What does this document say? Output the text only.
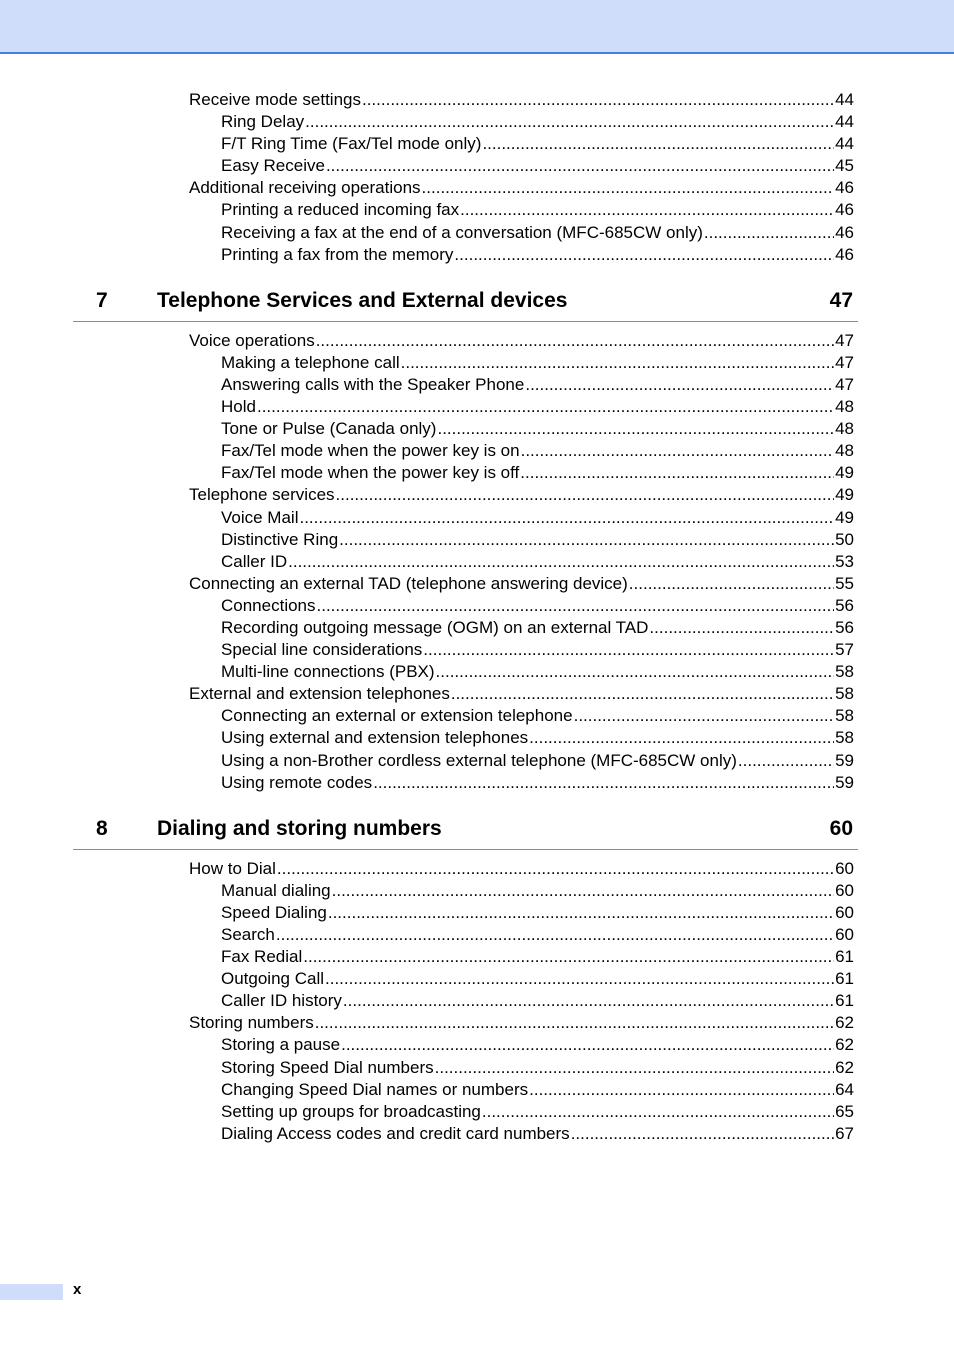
Receive mode settings .....	44
Ring Delay .....	44
F/T Ring Time (Fax/Tel mode only) .....	44
Easy Receive .....	45
Additional receiving operations .....	46
Printing a reduced incoming fax .....	46
Receiving a fax at the end of a conversation (MFC-685CW only) .....	46
Printing a fax from the memory .....	46
7 Telephone Services and External devices	47
Voice operations .....	47
Making a telephone call .....	47
Answering calls with the Speaker Phone .....	47
Hold .....	48
Tone or Pulse (Canada only) .....	48
Fax/Tel mode when the power key is on .....	48
Fax/Tel mode when the power key is off .....	49
Telephone services .....	49
Voice Mail .....	49
Distinctive Ring .....	50
Caller ID .....	53
Connecting an external TAD (telephone answering device) .....	55
Connections .....	56
Recording outgoing message (OGM) on an external TAD .....	56
Special line considerations .....	57
Multi-line connections (PBX) .....	58
External and extension telephones .....	58
Connecting an external or extension telephone .....	58
Using external and extension telephones .....	58
Using a non-Brother cordless external telephone (MFC-685CW only) .....	59
Using remote codes .....	59
8 Dialing and storing numbers	60
How to Dial .....	60
Manual dialing .....	60
Speed Dialing .....	60
Search .....	60
Fax Redial .....	61
Outgoing Call .....	61
Caller ID history .....	61
Storing numbers .....	62
Storing a pause .....	62
Storing Speed Dial numbers .....	62
Changing Speed Dial names or numbers .....	64
Setting up groups for broadcasting .....	65
Dialing Access codes and credit card numbers .....	67
x
